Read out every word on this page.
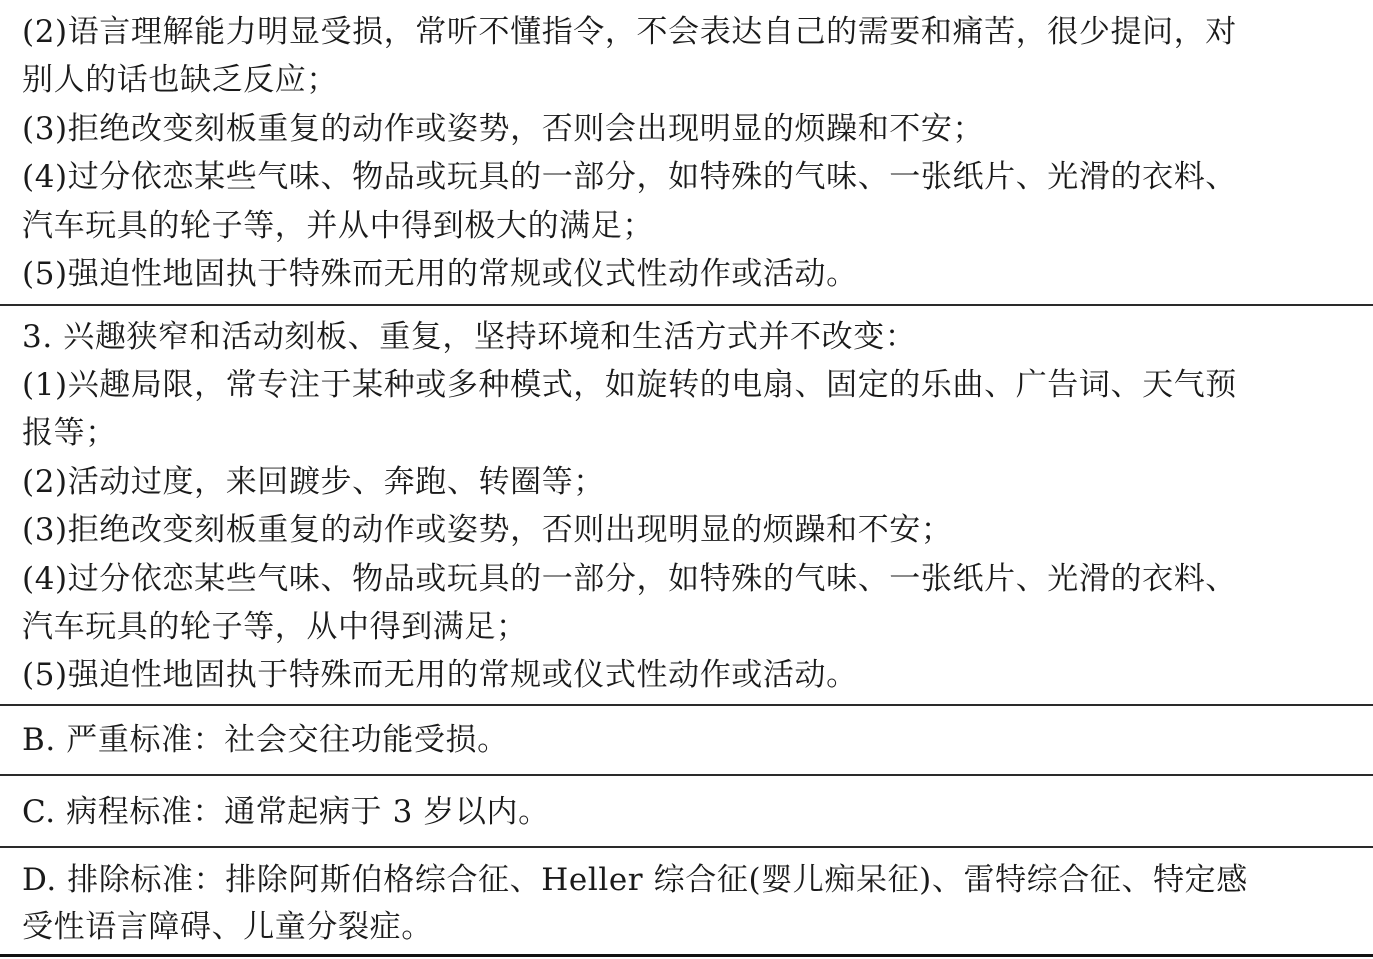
(2)语言理解能力明显受损，常听不懂指令，不会表达自己的需要和痛苦，很少提问，对
别人的话也缺乏反应；
(3)拒绝改变刻板重复的动作或姿势，否则会出现明显的烦躁和不安；
(4)过分依恋某些气味、物品或玩具的一部分，如特殊的气味、一张纸片、光滑的衣料、
汽车玩具的轮子等，并从中得到极大的满足；
(5)强迫性地固执于特殊而无用的常规或仪式性动作或活动。
3. 兴趣狭窄和活动刻板、重复，坚持环境和生活方式并不改变：
(1)兴趣局限，常专注于某种或多种模式，如旋转的电扇、固定的乐曲、广告词、天气预
报等；
(2)活动过度，来回踱步、奔跑、转圈等；
(3)拒绝改变刻板重复的动作或姿势，否则出现明显的烦躁和不安；
(4)过分依恋某些气味、物品或玩具的一部分，如特殊的气味、一张纸片、光滑的衣料、
汽车玩具的轮子等，从中得到满足；
(5)强迫性地固执于特殊而无用的常规或仪式性动作或活动。
B. 严重标准：社会交往功能受损。
C. 病程标准：通常起病于 3 岁以内。
D. 排除标准：排除阿斯伯格综合征、Heller 综合征(婴儿痴呆征)、雷特综合征、特定感
受性语言障碍、儿童分裂症。
